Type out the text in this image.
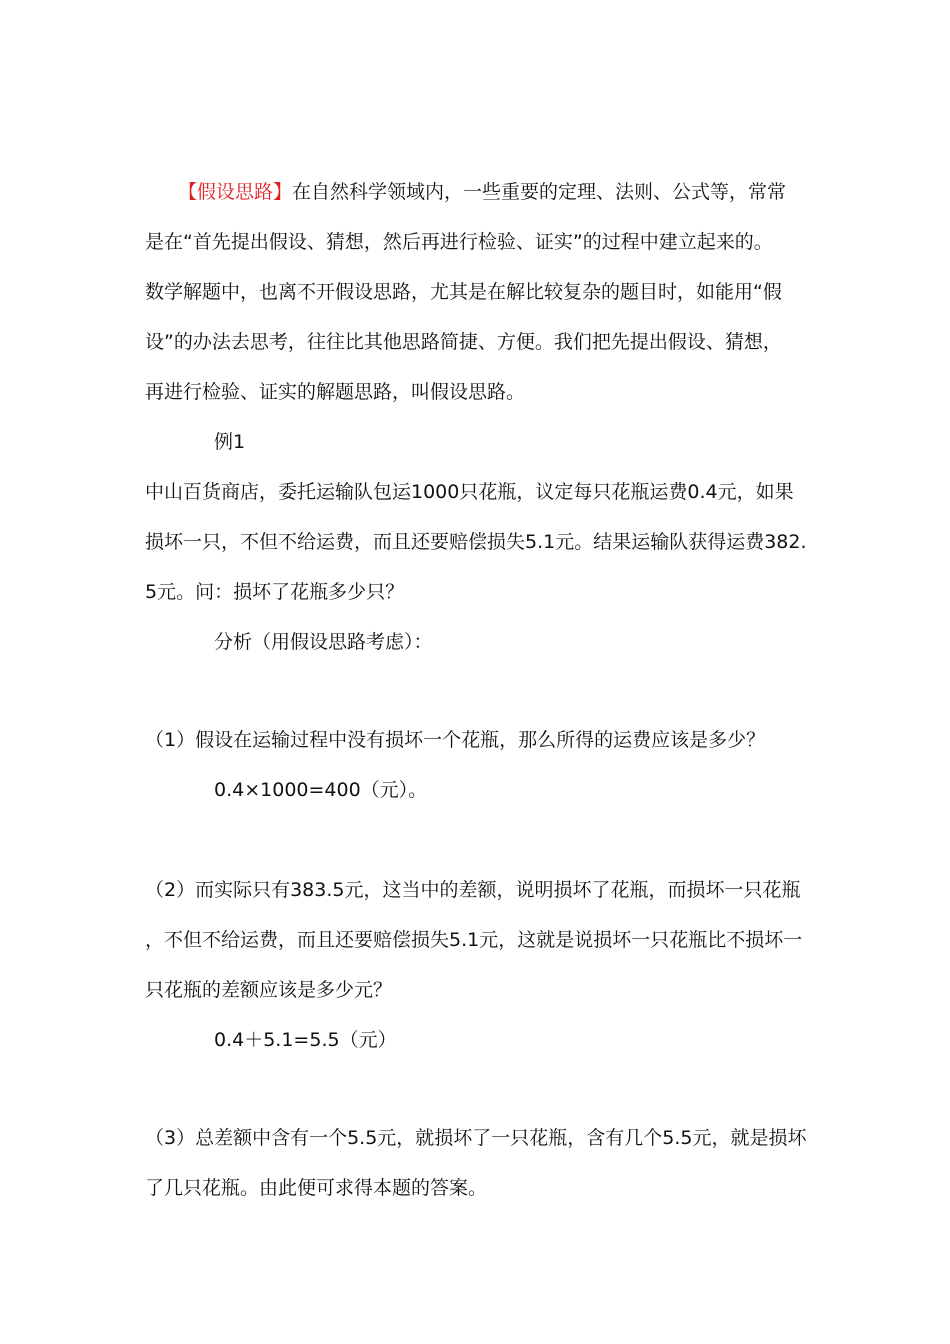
【假设思路】在自然科学领域内，一些重要的定理、法则、公式等，常常

是在“首先提出假设、猜想，然后再进行检验、证实”的过程中建立起来的。

数学解题中，也离不开假设思路，尤其是在解比较复杂的题目时，如能用“假

设”的办法去思考，往往比其他思路简捷、方便。我们把先提出假设、猜想，

再进行检验、证实的解题思路，叫假设思路。

例1

中山百货商店，委托运输队包运1000只花瓶，议定每只花瓶运费0.4元，如果

损坏一只，不但不给运费，而且还要赔偿损失5.1元。结果运输队获得运费382.

5元。问：损坏了花瓶多少只？

分析（用假设思路考虑）：

（1）假设在运输过程中没有损坏一个花瓶，那么所得的运费应该是多少？

0.4×1000=400（元）。

（2）而实际只有383.5元，这当中的差额，说明损坏了花瓶，而损坏一只花瓶

，不但不给运费，而且还要赔偿损失5.1元，这就是说损坏一只花瓶比不损坏一

只花瓶的差额应该是多少元？

0.4＋5.1=5.5（元）

（3）总差额中含有一个5.5元，就损坏了一只花瓶，含有几个5.5元，就是损坏

了几只花瓶。由此便可求得本题的答案。
